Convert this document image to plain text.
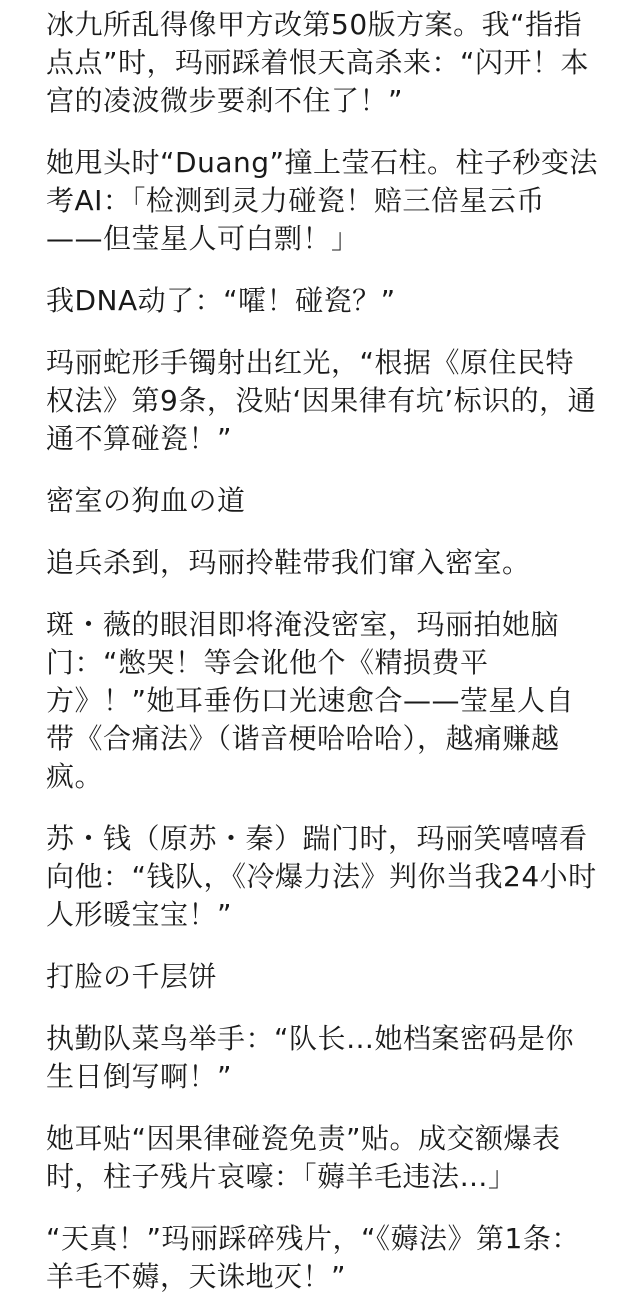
冰九所乱得像甲方改第50版方案。我“指指点点”时，玛丽踩着恨天高杀来：“闪开！本宫的凌波微步要刹不住了！”

她甩头时“Duang”撞上莹石柱。柱子秒变法考AI：「检测到灵力碰瓷！赔三倍星云币——但莹星人可白剽！」

我DNA动了：“嚯！碰瓷？”

玛丽蛇形手镯射出红光，“根据《原住民特权法》第9条，没贴‘因果律有坑’标识的，通通不算碰瓷！”

密室の狗血の道

追兵杀到，玛丽拎鞋带我们窜入密室。

斑・薇的眼泪即将淹没密室，玛丽拍她脑门：“憋哭！等会讹他个《精损费平方》！”她耳垂伤口光速愈合——莹星人自带《合痛法》（谐音梗哈哈哈），越痛赚越疯。

苏・钱（原苏・秦）踹门时，玛丽笑嘻嘻看向他：“钱队，《冷爆力法》判你当我24小时人形暖宝宝！”

打脸の千层饼

执勤队菜鸟举手：“队长…她档案密码是你生日倒写啊！”

她耳贴“因果律碰瓷免责”贴。成交额爆表时，柱子残片哀嚎：「薅羊毛违法…」

“天真！”玛丽踩碎残片，“《薅法》第1条：羊毛不薅，天诛地灭！”
